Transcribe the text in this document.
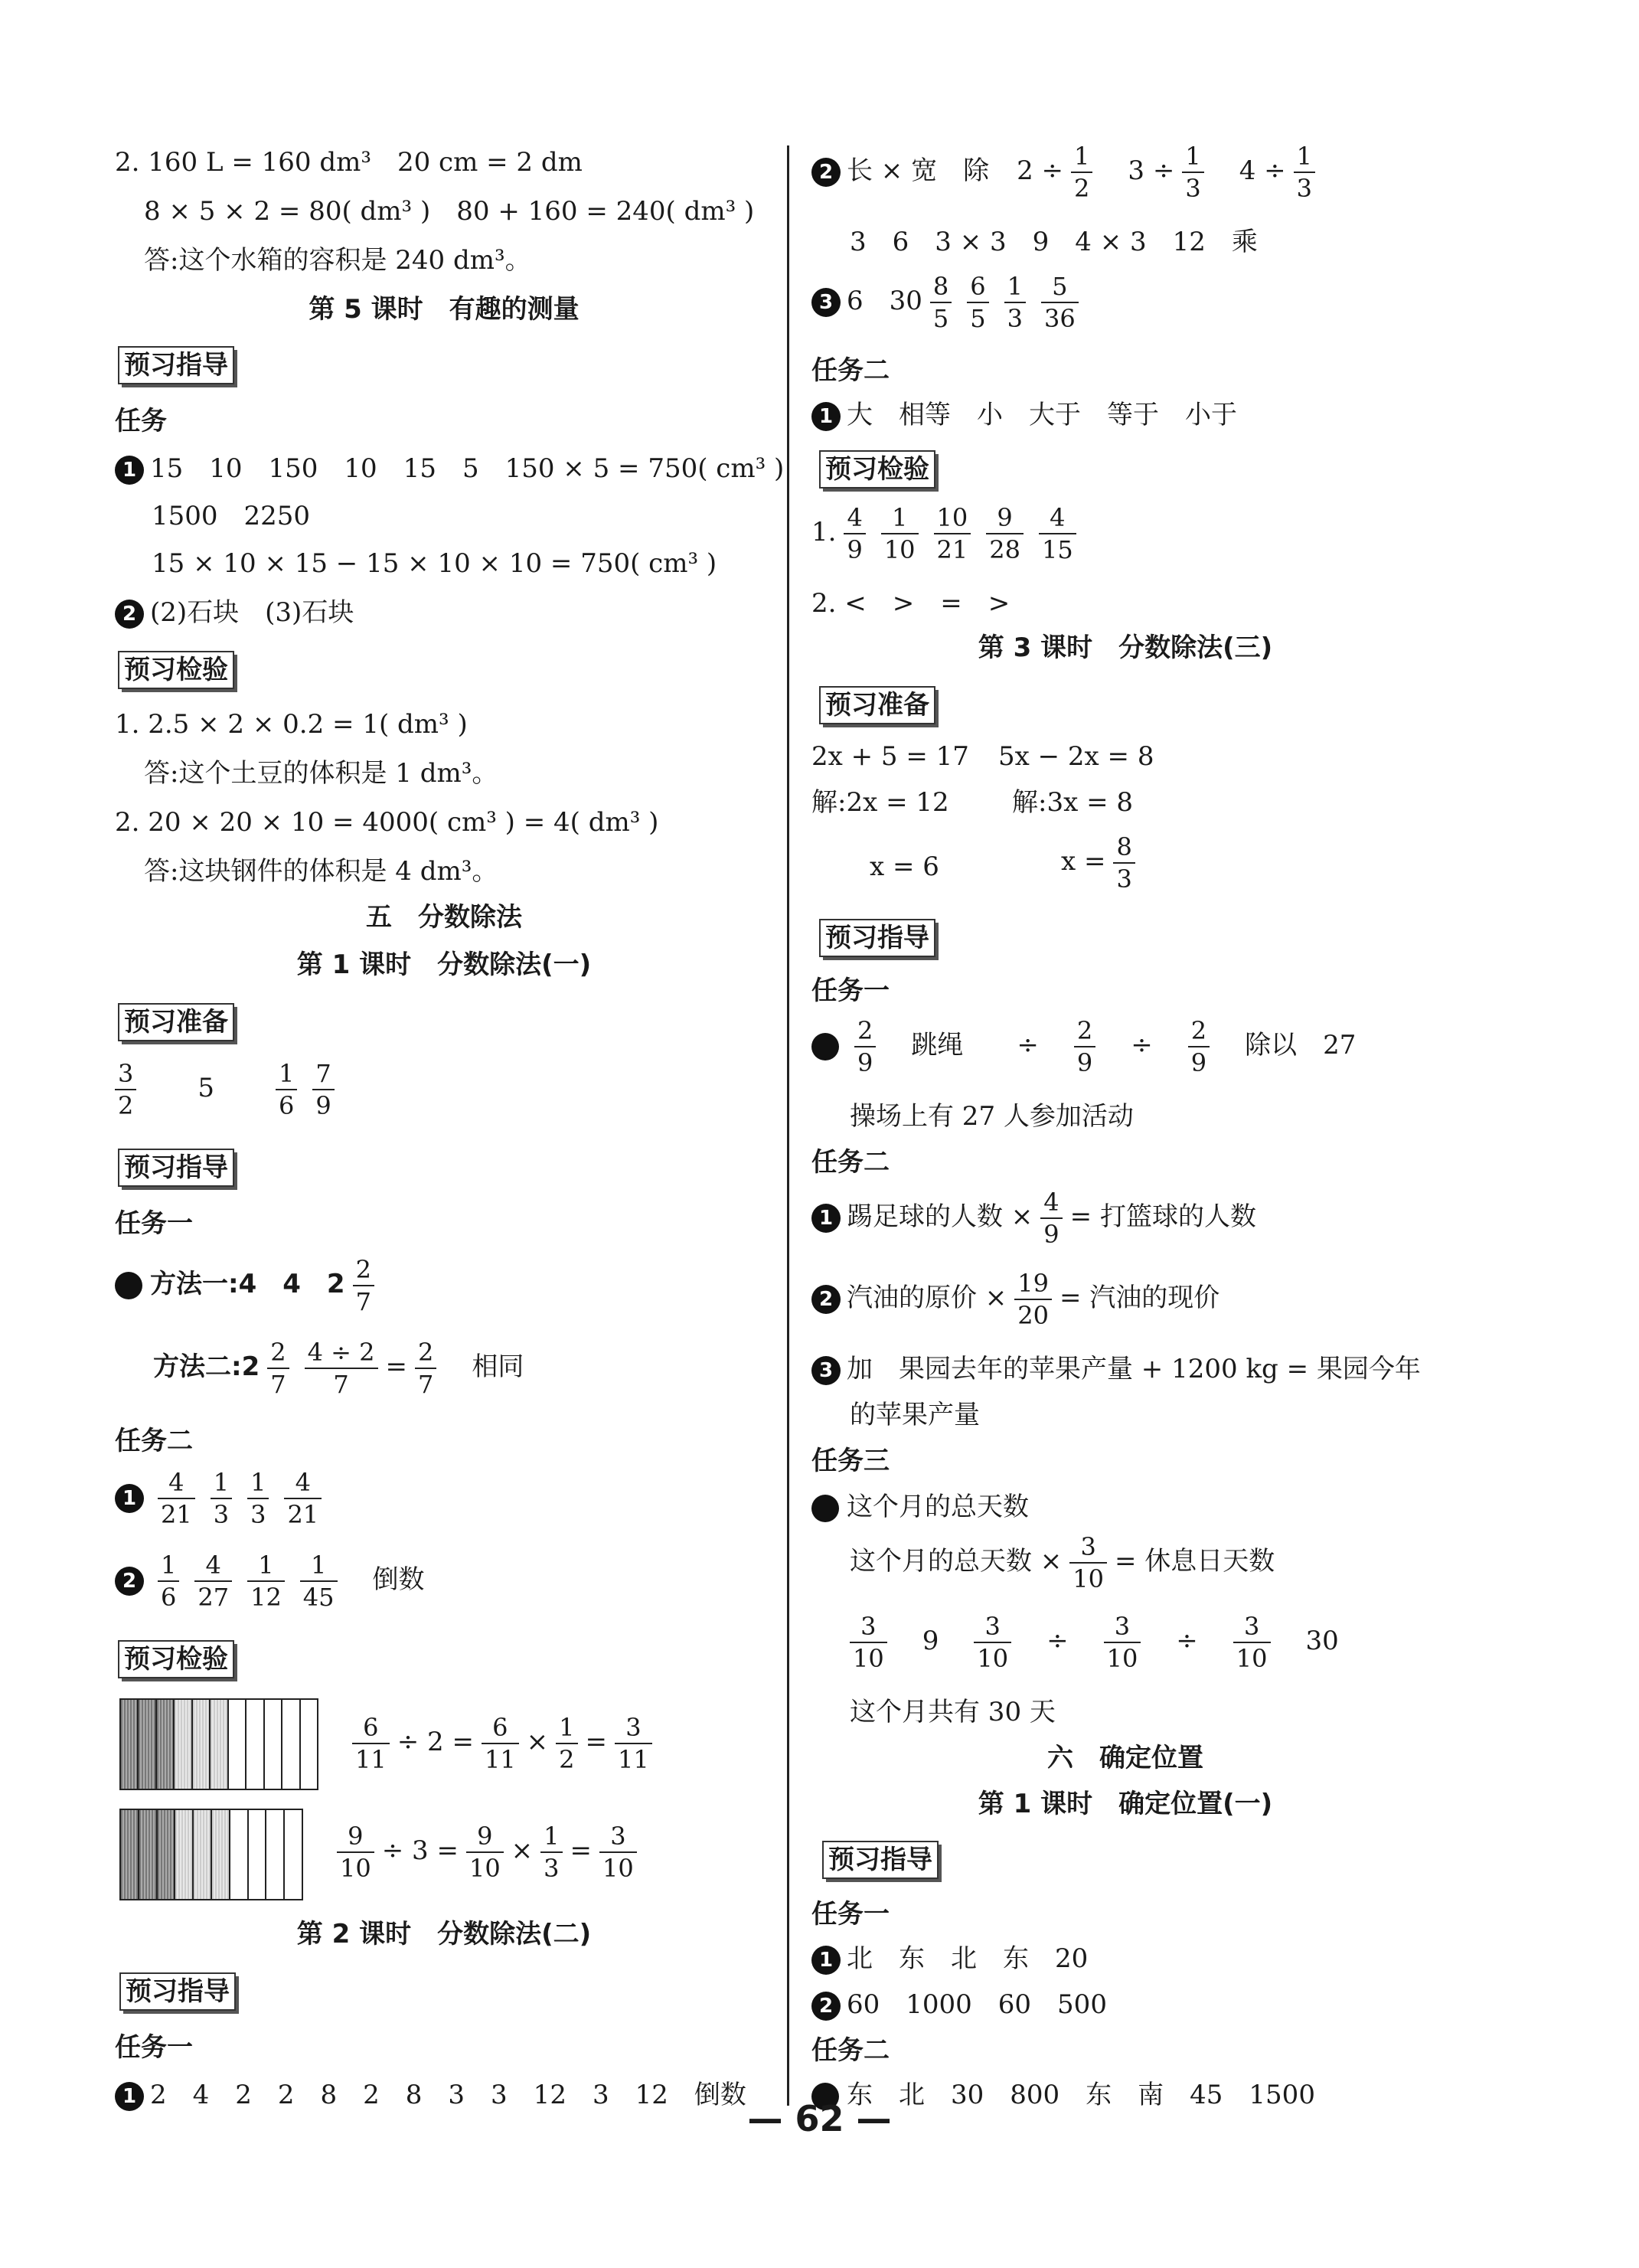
2. 160 L = 160 dm³　20 cm = 2 dm
8 × 5 × 2 = 80( dm³ )　80 + 160 = 240( dm³ )
答:这个水箱的容积是 240 dm³。
第 5 课时　有趣的测量
预习指导
任务
1 15　10　150　10　15　5　150 × 5 = 750( cm³ )
1500　2250
15 × 10 × 15 − 15 × 10 × 10 = 750( cm³ )
2 (2)石块　(3)石块
预习检验
1. 2.5 × 2 × 0.2 = 1( dm³ )
答:这个土豆的体积是 1 dm³。
2. 20 × 20 × 10 = 4000( cm³ ) = 4( dm³ )
答:这块钢件的体积是 4 dm³。
五　分数除法
第 1 课时　分数除法(一)
预习准备
$\frac{3}{2} 5$	$\frac{1}{6} \frac{7}{9}$
预习指导
任务一
方法一:4　4　$2 \frac{2}{7}$
方法二:2 $\frac{2}{7} \frac{4 \div 2}{7} = \frac{2}{7}$ 相同
任务二
$1 \frac{4}{21} \frac{1}{3} \frac{1}{3} \frac{4}{21}$
$2 \frac{1}{6} \frac{4}{27} \frac{1}{12} \frac{1}{45}$ 倒数
预习检验
$\frac{6}{11} \div 2 = \frac{6}{11} \times \frac{1}{2} = \frac{3}{11}$
$\frac{9}{10} \div 3 = \frac{9}{10} \times \frac{1}{3} = \frac{3}{10}$
第 2 课时　分数除法(二)
预习指导
任务一
1 2　4　2　2　8　2　8　3　3　12　3　12　倒数
2 长 × 宽　除 $2 \div \frac{1}{2} 3 \div \frac{1}{3} 4 \div \frac{1}{3}$
3　6　3 × 3　9　4 × 3　12　乘
3 6　$30 \frac{8}{5} \frac{6}{5} \frac{1}{3} \frac{5}{36}$
任务二
1 大　相等　小　大于　等于　小于
预习检验
1. $\frac{4}{9} \frac{1}{10} \frac{10}{21} \frac{9}{28} \frac{4}{15}$
2. <　>　=　>
第 3 课时　分数除法(三)
预习准备
2x + 5 = 17 5x − 2x = 8
解:2x = 12 解:3x = 8
x = 6	$x = \frac{8}{3}$
预习指导
任务一
$\frac{2}{9}$ 跳绳 ÷ $\frac{2}{9} \div \frac{2}{9}$ 除以　27
操场上有 27 人参加活动
任务二
1 踢足球的人数 × $\frac{4}{9}$ = 打篮球的人数
2 汽油的原价 × $\frac{19}{20}$ = 汽油的现价
3 加　果园去年的苹果产量 + 1200 kg = 果园今年
的苹果产量
任务三
这个月的总天数
这个月的总天数 × $\frac{3}{10}$ = 休息日天数
$\frac{3}{10} 9 \frac{3}{10} \div \frac{3}{10} \div \frac{3}{10} 30$
这个月共有 30 天
六　确定位置
第 1 课时　确定位置(一)
预习指导
任务一
1 北　东　北　东　20
2 60　1000　60　500
任务二
东　北　30　800　东　南　45　1500
— 62 —
